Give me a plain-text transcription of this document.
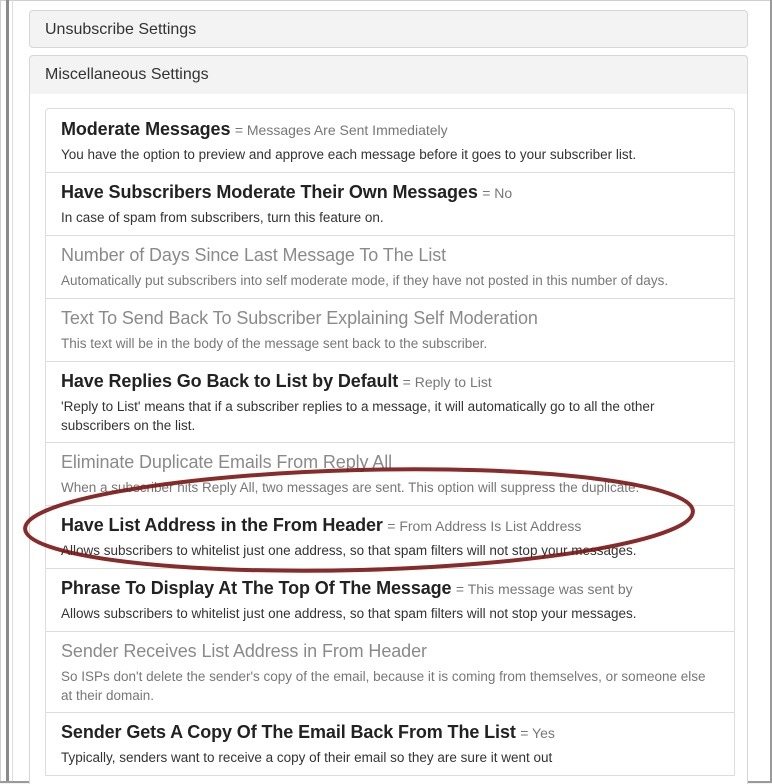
Unsubscribe Settings
Miscellaneous Settings
Moderate Messages = Messages Are Sent Immediately
You have the option to preview and approve each message before it goes to your subscriber list.
Have Subscribers Moderate Their Own Messages = No
In case of spam from subscribers, turn this feature on.
Number of Days Since Last Message To The List
Automatically put subscribers into self moderate mode, if they have not posted in this number of days.
Text To Send Back To Subscriber Explaining Self Moderation
This text will be in the body of the message sent back to the subscriber.
Have Replies Go Back to List by Default = Reply to List
'Reply to List' means that if a subscriber replies to a message, it will automatically go to all the other subscribers on the list.
Eliminate Duplicate Emails From Reply All
When a subscriber hits Reply All, two messages are sent. This option will suppress the duplicate.
Have List Address in the From Header = From Address Is List Address
Allows subscribers to whitelist just one address, so that spam filters will not stop your messages.
Phrase To Display At The Top Of The Message = This message was sent by
Allows subscribers to whitelist just one address, so that spam filters will not stop your messages.
Sender Receives List Address in From Header
So ISPs don't delete the sender's copy of the email, because it is coming from themselves, or someone else at their domain.
Sender Gets A Copy Of The Email Back From The List = Yes
Typically, senders want to receive a copy of their email so they are sure it went out
